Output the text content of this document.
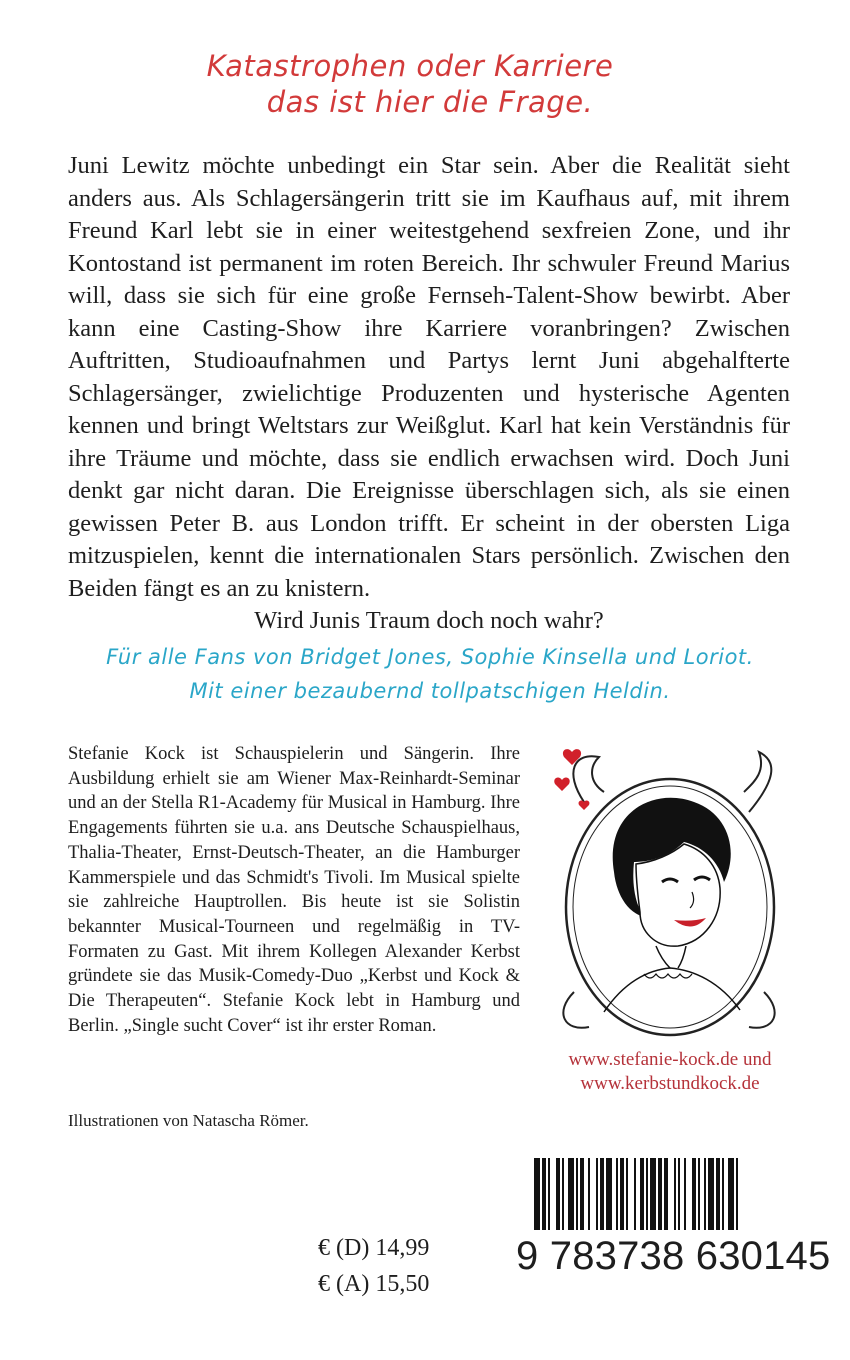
Katastrophen oder Karriere
das ist hier die Frage.
Juni Lewitz möchte unbedingt ein Star sein. Aber die Realität sieht anders aus. Als Schlagersängerin tritt sie im Kaufhaus auf, mit ihrem Freund Karl lebt sie in einer weitestgehend sexfreien Zone, und ihr Kontostand ist permanent im roten Bereich. Ihr schwuler Freund Marius will, dass sie sich für eine große Fernseh-Talent-Show bewirbt. Aber kann eine Casting-Show ihre Karriere voranbringen? Zwischen Auftritten, Studioaufnahmen und Partys lernt Juni abgehalfterte Schlagersänger, zwielichtige Produzenten und hysterische Agenten kennen und bringt Weltstars zur Weißglut. Karl hat kein Verständnis für ihre Träume und möchte, dass sie endlich erwachsen wird. Doch Juni denkt gar nicht daran. Die Ereignisse überschlagen sich, als sie einen gewissen Peter B. aus London trifft. Er scheint in der obersten Liga mitzuspielen, kennt die internationalen Stars persönlich. Zwischen den Beiden fängt es an zu knistern.
Wird Junis Traum doch noch wahr?
Für alle Fans von Bridget Jones, Sophie Kinsella und Loriot.
Mit einer bezaubernd tollpatschigen Heldin.
Stefanie Kock ist Schauspielerin und Sängerin. Ihre Ausbildung erhielt sie am Wiener Max-Reinhardt-Seminar und an der Stella R1-Academy für Musical in Hamburg. Ihre Engagements führten sie u.a. ans Deutsche Schauspielhaus, Thalia-Theater, Ernst-Deutsch-Theater, an die Hamburger Kammerspiele und das Schmidt's Tivoli. Im Musical spielte sie zahlreiche Hauptrollen. Bis heute ist sie Solistin bekannter Musical-Tourneen und regelmäßig in TV-Formaten zu Gast. Mit ihrem Kollegen Alexander Kerbst gründete sie das Musik-Comedy-Duo „Kerbst und Kock & Die Therapeuten“. Stefanie Kock lebt in Hamburg und Berlin. „Single sucht Cover“ ist ihr erster Roman.
www.stefanie-kock.de und
www.kerbstundkock.de
Illustrationen von Natascha Römer.
€ (D) 14,99
€ (A) 15,50
9 783738 630145
